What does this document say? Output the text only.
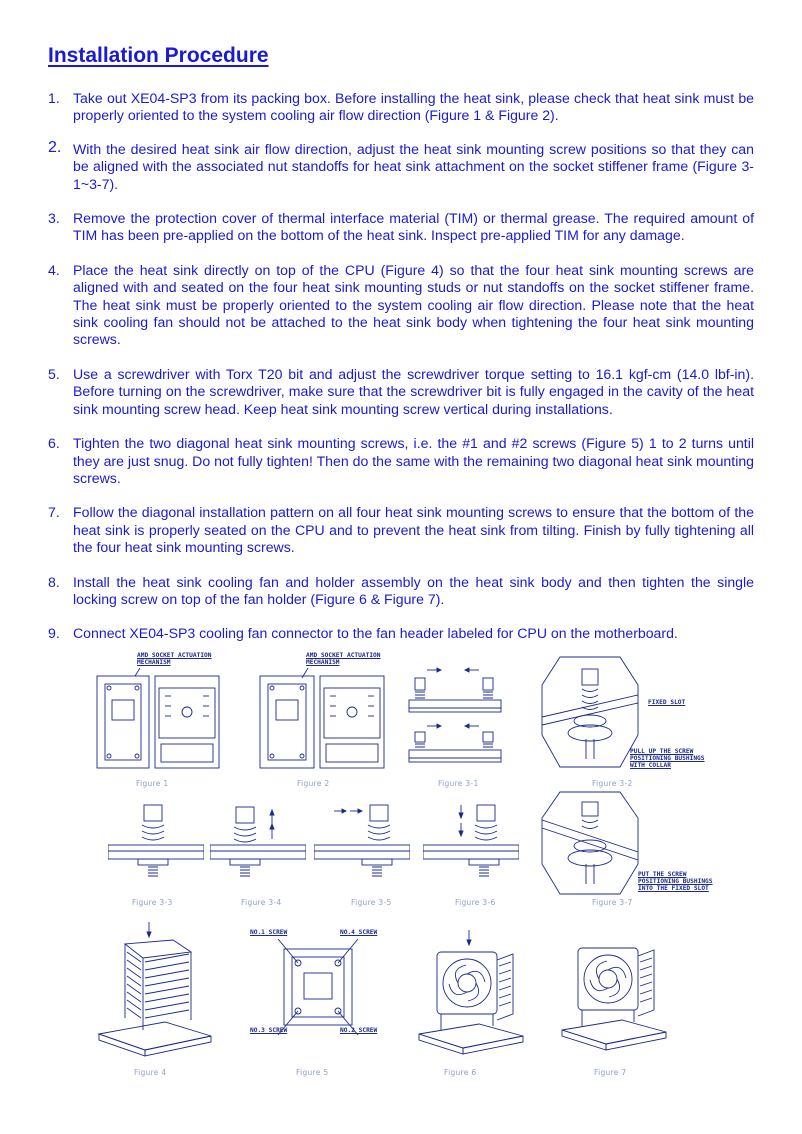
Installation Procedure
1. Take out XE04-SP3 from its packing box. Before installing the heat sink, please check that heat sink must be properly oriented to the system cooling air flow direction (Figure 1 & Figure 2).
2. With the desired heat sink air flow direction, adjust the heat sink mounting screw positions so that they can be aligned with the associated nut standoffs for heat sink attachment on the socket stiffener frame (Figure 3-1~3-7).
3. Remove the protection cover of thermal interface material (TIM) or thermal grease. The required amount of TIM has been pre-applied on the bottom of the heat sink. Inspect pre-applied TIM for any damage.
4. Place the heat sink directly on top of the CPU (Figure 4) so that the four heat sink mounting screws are aligned with and seated on the four heat sink mounting studs or nut standoffs on the socket stiffener frame. The heat sink must be properly oriented to the system cooling air flow direction. Please note that the heat sink cooling fan should not be attached to the heat sink body when tightening the four heat sink mounting screws.
5. Use a screwdriver with Torx T20 bit and adjust the screwdriver torque setting to 16.1 kgf-cm (14.0 lbf-in). Before turning on the screwdriver, make sure that the screwdriver bit is fully engaged in the cavity of the heat sink mounting screw head. Keep heat sink mounting screw vertical during installations.
6. Tighten the two diagonal heat sink mounting screws, i.e. the #1 and #2 screws (Figure 5) 1 to 2 turns until they are just snug. Do not fully tighten! Then do the same with the remaining two diagonal heat sink mounting screws.
7. Follow the diagonal installation pattern on all four heat sink mounting screws to ensure that the bottom of the heat sink is properly seated on the CPU and to prevent the heat sink from tilting. Finish by fully tightening all the four heat sink mounting screws.
8. Install the heat sink cooling fan and holder assembly on the heat sink body and then tighten the single locking screw on top of the fan holder (Figure 6 & Figure 7).
9. Connect XE04-SP3 cooling fan connector to the fan header labeled for CPU on the motherboard.
AMD SOCKET ACTUATION
MECHANISM
Figure 1
AMD SOCKET ACTUATION
MECHANISM
Figure 2	Figure 3-1
FIXED SLOT
PULL UP THE SCREW
POSITIONING BUSHINGS
WITH COLLAR
Figure 3-2
Figure 3-3	Figure 3-4	Figure 3-5	Figure 3-6
PUT THE SCREW
POSITIONING BUSHINGS
INTO THE FIXED SLOT
Figure 3-7
Figure 4
NO.1 SCREW	NO.4 SCREW
NO.3 SCREW	NO.2 SCREW
Figure 5	Figure 6	Figure 7
